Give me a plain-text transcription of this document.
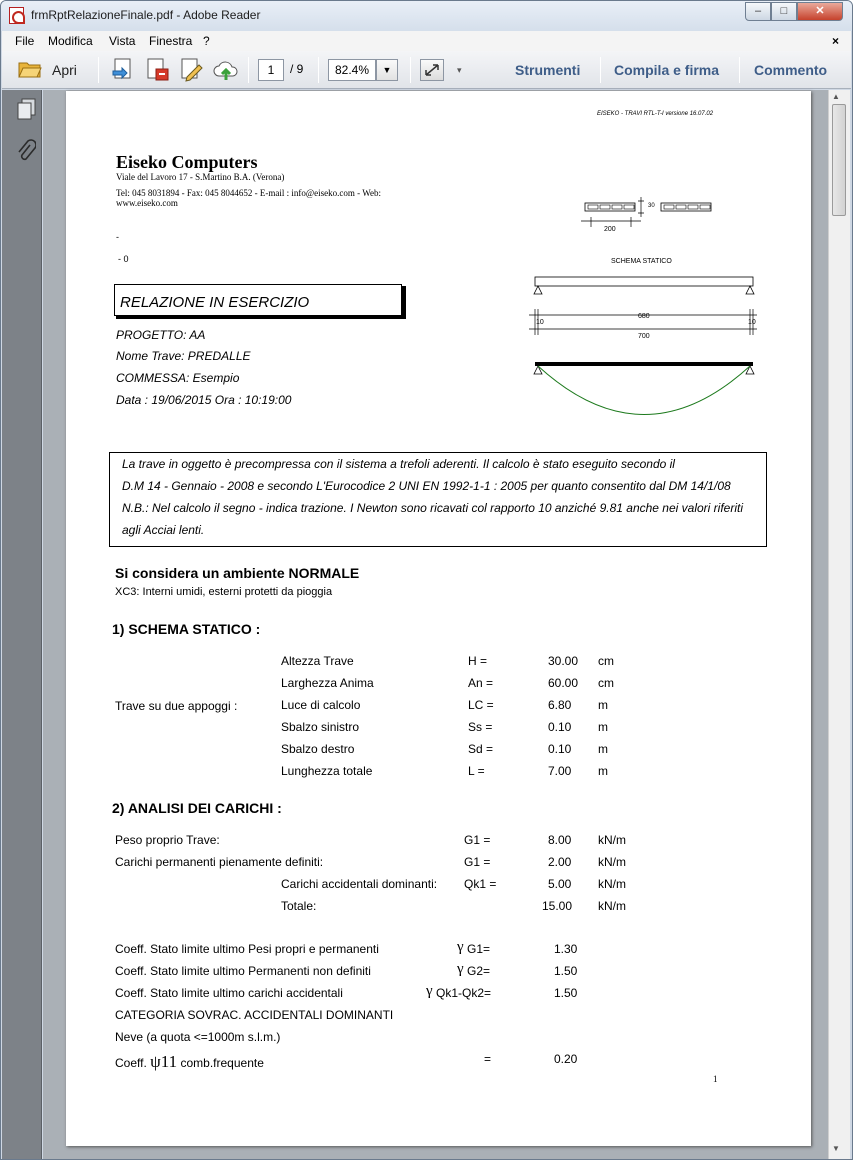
frmRptRelazioneFinale.pdf - Adobe Reader	–	□	✕
File Modifica Vista Finestra ?	×
Apri	1	/ 9	82.4%	▼	▾	Strumenti Compila e firma Commento
▲
▼
EISEKO - TRAVI RTL-T-I versione 16.07.02
Eiseko Computers
Viale del Lavoro 17 - S.Martino B.A. (Verona)
Tel: 045 8031894 - Fax: 045 8044652 - E-mail : info@eiseko.com - Web:
www.eiseko.com
-
- 0
RELAZIONE IN ESERCIZIO
PROGETTO: AA
Nome Trave: PREDALLE
COMMESSA: Esempio
Data : 19/06/2015 Ora : 10:19:00
30
200
SCHEMA STATICO
680
10	10
700
La trave in oggetto è precompressa con il sistema a trefoli aderenti. Il calcolo è stato eseguito secondo il
D.M 14 - Gennaio - 2008 e secondo L'Eurocodice 2 UNI EN 1992-1-1 : 2005 per quanto consentito dal DM 14/1/08
N.B.: Nel calcolo il segno - indica trazione. I Newton sono ricavati col rapporto 10 anziché 9.81 anche nei valori riferiti
agli Acciai lenti.
Si considera un ambiente NORMALE
XC3: Interni umidi, esterni protetti da pioggia
1) SCHEMA STATICO :
Trave su due appoggi :
Altezza Trave	H =	30.00 cm
Larghezza Anima	An =	60.00 cm
Luce di calcolo	LC =	6.80 m
Sbalzo sinistro	Ss =	0.10 m
Sbalzo destro	Sd =	0.10 m
Lunghezza totale	L =	7.00 m
2) ANALISI DEI CARICHI :
Peso proprio Trave:	G1 =	8.00 kN/m
Carichi permanenti pienamente definiti:	G1 =	2.00 kN/m
Carichi accidentali dominanti: Qk1 =	5.00 kN/m
Totale:	15.00 kN/m
Coeff. Stato limite ultimo Pesi propri e permanenti	γ G1=	1.30
Coeff. Stato limite ultimo Permanenti non definiti	γ G2=	1.50
Coeff. Stato limite ultimo carichi accidentali	γ Qk1-Qk2=	1.50
CATEGORIA SOVRAC. ACCIDENTALI DOMINANTI
Neve (a quota <=1000m s.l.m.)
Coeff. ψ11 comb.frequente	=	0.20
1
